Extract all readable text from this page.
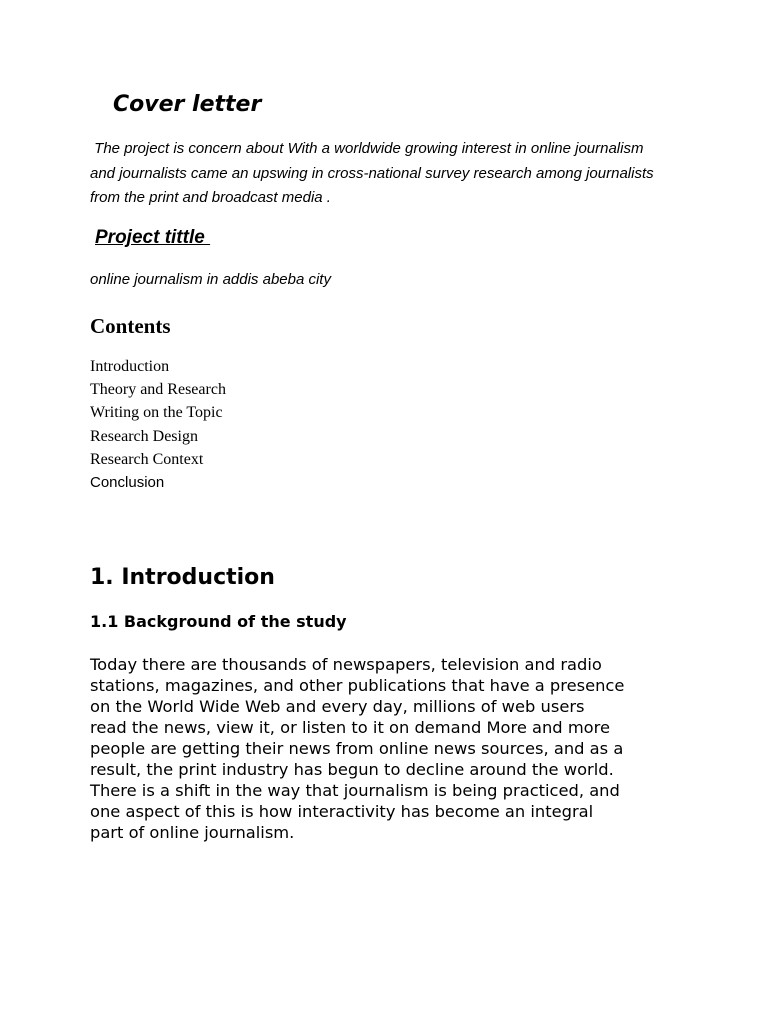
Cover letter

The project is concern about With a worldwide growing interest in online journalism
and journalists came an upswing in cross-national survey research among journalists
from the print and broadcast media .

Project tittle

online journalism in addis abeba city

Contents
Introduction
Theory and Research
Writing on the Topic
Research Design
Research Context
Conclusion
1. Introduction
1.1 Background of the study

Today there are thousands of newspapers, television and radio
stations, magazines, and other publications that have a presence
on the World Wide Web and every day, millions of web users
read the news, view it, or listen to it on demand More and more
people are getting their news from online news sources, and as a
result, the print industry has begun to decline around the world.
There is a shift in the way that journalism is being practiced, and
one aspect of this is how interactivity has become an integral
part of online journalism.
